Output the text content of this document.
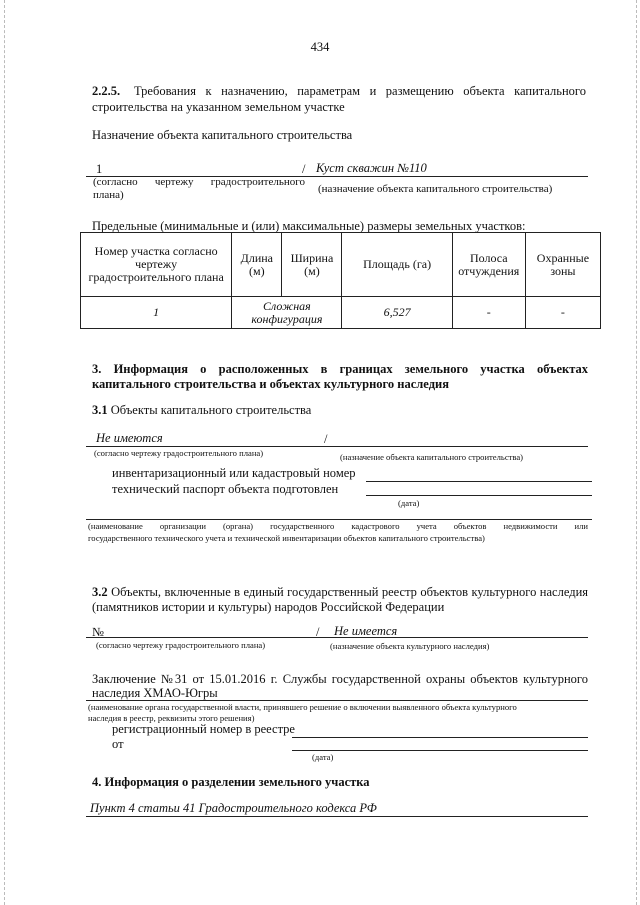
434
2.2.5. Требования к назначению, параметрам и размещению объекта капитального
строительства на указанном земельном участке
Назначение объекта капитального строительства
1	/ Куст скважин №110
(согласно чертежу градостроительного
плана)	(назначение объекта капитального строительства)
Предельные (минимальные и (или) максимальные) размеры земельных участков:
Номер участка согласно чертежу градостроительного плана	Длина (м)	Ширина (м)	Площадь (га)	Полоса отчуждения	Охранные зоны
1	Сложная конфигурация		6,527	-	-
3. Информация о расположенных в границах земельного участка объектах
капитального строительства и объектах культурного наследия
3.1 Объекты капитального строительства
Не имеются	/
(согласно чертежу градостроительного плана)	(назначение объекта капитального строительства)
инвентаризационный или кадастровый номер
технический паспорт объекта подготовлен
(дата)
(наименование организации (органа) государственного кадастрового учета объектов недвижимости или
государственного технического учета и технической инвентаризации объектов капитального строительства)
3.2 Объекты, включенные в единый государственный реестр объектов культурного наследия
(памятников истории и культуры) народов Российской Федерации
№	/ Не имеется
(согласно чертежу градостроительного плана)	(назначение объекта культурного наследия)
Заключение №31 от 15.01.2016 г. Службы государственной охраны объектов культурного
наследия ХМАО-Югры
(наименование органа государственной власти, принявшего решение о включении выявленного объекта культурного
наследия в реестр, реквизиты этого решения)
регистрационный номер в реестре
от
(дата)
4. Информация о разделении земельного участка
Пункт 4 статьи 41 Градостроительного кодекса РФ
